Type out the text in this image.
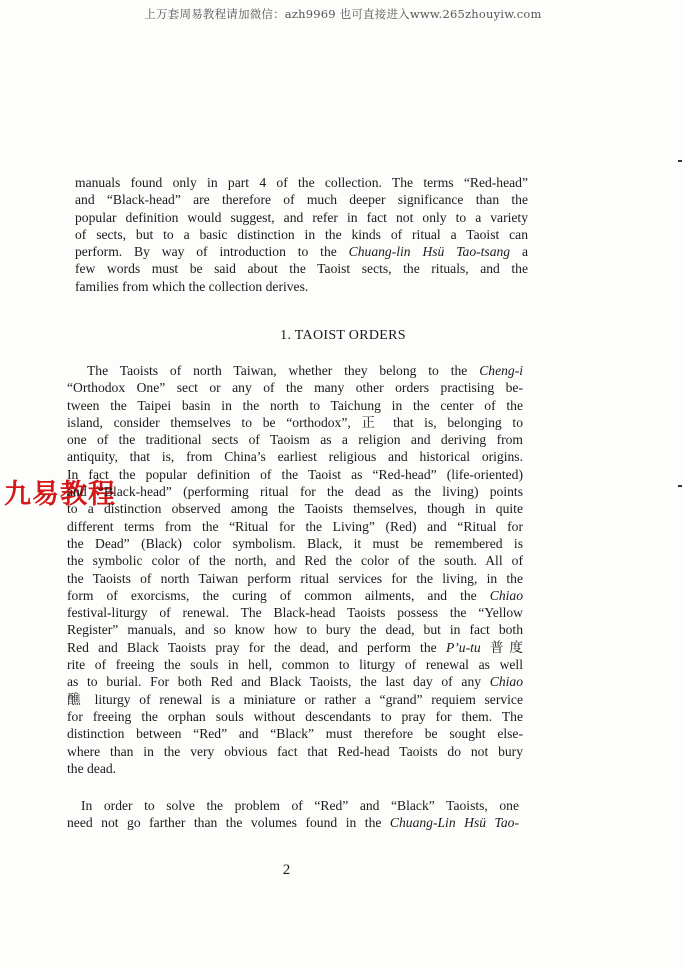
上万套周易教程请加微信：azh9969 也可直接进入www.265zhouyiw.com
九易教程
manuals found only in part 4 of the collection. The terms “Red-head”
and “Black-head” are therefore of much deeper significance than the
popular definition would suggest, and refer in fact not only to a variety
of sects, but to a basic distinction in the kinds of ritual a Taoist can
perform. By way of introduction to the Chuang-lin Hsü Tao-tsang a
few words must be said about the Taoist sects, the rituals, and the
families from which the collection derives.
1. TAOIST ORDERS
The Taoists of north Taiwan, whether they belong to the Cheng-i
“Orthodox One” sect or any of the many other orders practising be-
tween the Taipei basin in the north to Taichung in the center of the
island, consider themselves to be “orthodox”, 正 that is, belonging to
one of the traditional sects of Taoism as a religion and deriving from
antiquity, that is, from China’s earliest religious and historical origins.
In fact the popular definition of the Taoist as “Red-head” (life-oriented)
and “Black-head” (performing ritual for the dead as the living) points
to a distinction observed among the Taoists themselves, though in quite
different terms from the “Ritual for the Living” (Red) and “Ritual for
the Dead” (Black) color symbolism. Black, it must be remembered is
the symbolic color of the north, and Red the color of the south. All of
the Taoists of north Taiwan perform ritual services for the living, in the
form of exorcisms, the curing of common ailments, and the Chiao
festival-liturgy of renewal. The Black-head Taoists possess the “Yellow
Register” manuals, and so know how to bury the dead, but in fact both
Red and Black Taoists pray for the dead, and perform the P’u-tu 普度
rite of freeing the souls in hell, common to liturgy of renewal as well
as to burial. For both Red and Black Taoists, the last day of any Chiao
醮 liturgy of renewal is a miniature or rather a “grand” requiem service
for freeing the orphan souls without descendants to pray for them. The
distinction between “Red” and “Black” must therefore be sought else-
where than in the very obvious fact that Red-head Taoists do not bury
the dead.
In order to solve the problem of “Red” and “Black” Taoists, one
need not go farther than the volumes found in the Chuang-Lin Hsü Tao-
2
